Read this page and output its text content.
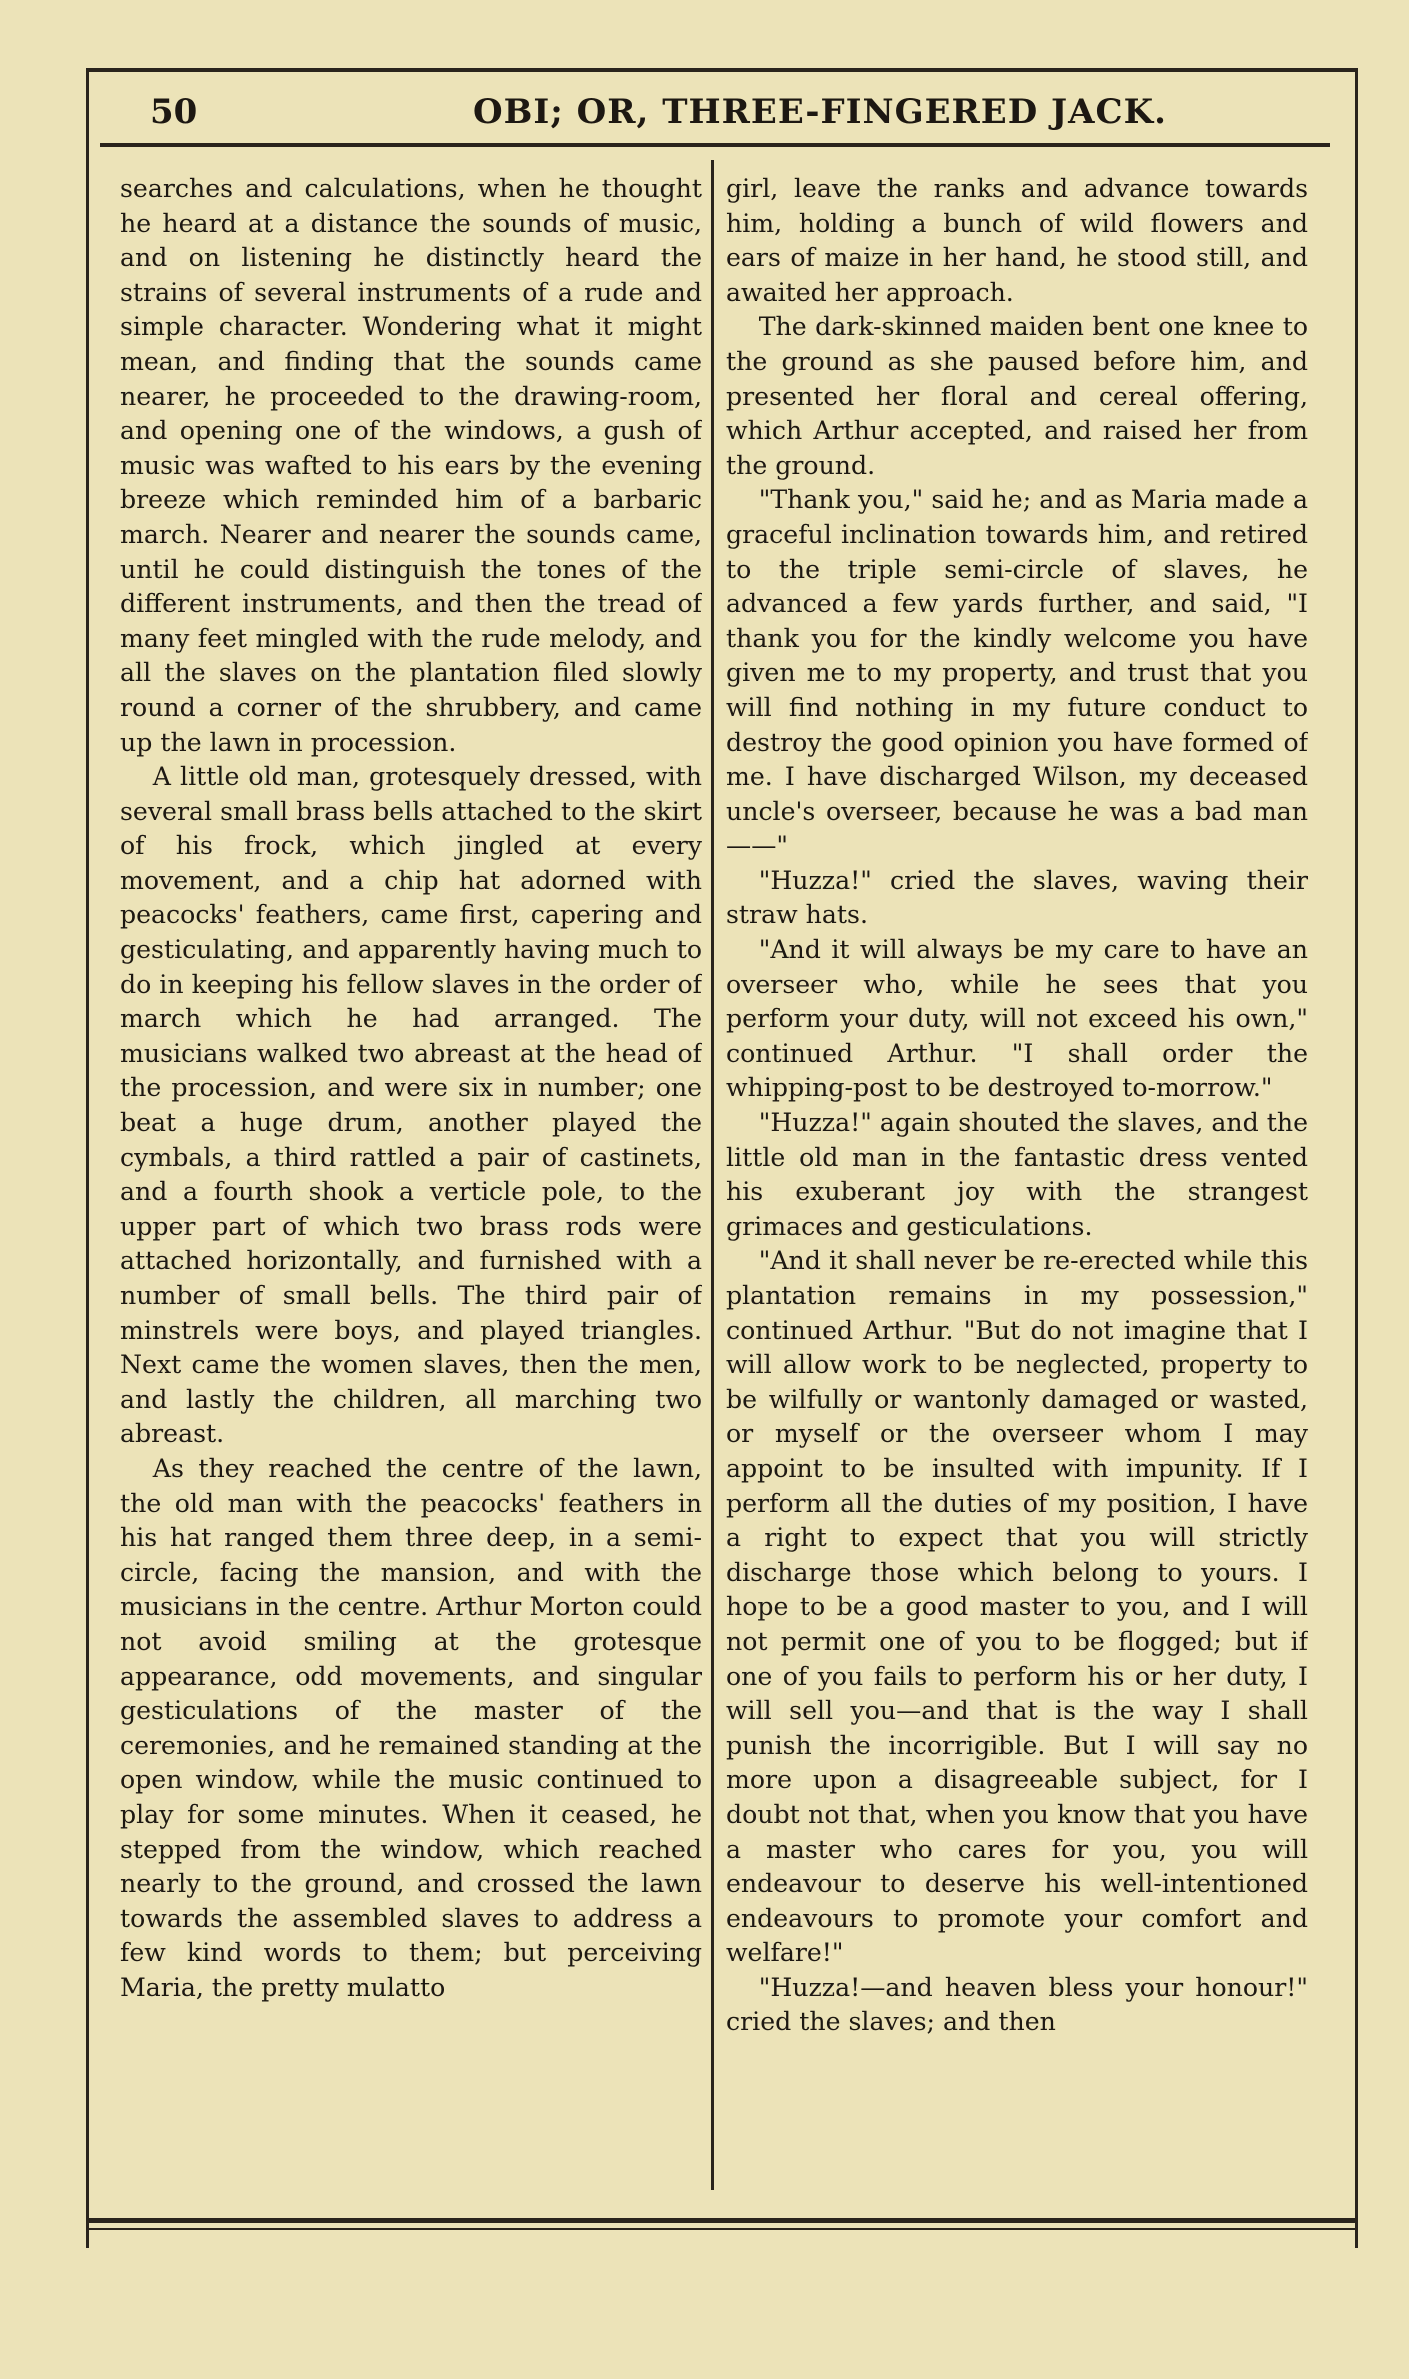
50	OBI; OR, THREE-FINGERED JACK.

searches and calculations, when he thought he heard at a distance the sounds of music, and on listening he distinctly heard the strains of several instruments of a rude and simple character. Wondering what it might mean, and finding that the sounds came nearer, he proceeded to the drawing-room, and opening one of the windows, a gush of music was wafted to his ears by the evening breeze which reminded him of a barbaric march. Nearer and nearer the sounds came, until he could distinguish the tones of the different instruments, and then the tread of many feet mingled with the rude melody, and all the slaves on the plantation filed slowly round a corner of the shrubbery, and came up the lawn in procession.

A little old man, grotesquely dressed, with several small brass bells attached to the skirt of his frock, which jingled at every movement, and a chip hat adorned with peacocks' feathers, came first, capering and gesticulating, and apparently having much to do in keeping his fellow slaves in the order of march which he had arranged. The musicians walked two abreast at the head of the procession, and were six in number; one beat a huge drum, another played the cymbals, a third rattled a pair of castinets, and a fourth shook a verticle pole, to the upper part of which two brass rods were attached horizontally, and furnished with a number of small bells. The third pair of minstrels were boys, and played triangles. Next came the women slaves, then the men, and lastly the children, all marching two abreast.

As they reached the centre of the lawn, the old man with the peacocks' feathers in his hat ranged them three deep, in a semi-circle, facing the mansion, and with the musicians in the centre. Arthur Morton could not avoid smiling at the grotesque appearance, odd movements, and singular gesticulations of the master of the ceremonies, and he remained standing at the open window, while the music continued to play for some minutes. When it ceased, he stepped from the window, which reached nearly to the ground, and crossed the lawn towards the assembled slaves to address a few kind words to them; but perceiving Maria, the pretty mulatto

girl, leave the ranks and advance towards him, holding a bunch of wild flowers and ears of maize in her hand, he stood still, and awaited her approach.

The dark-skinned maiden bent one knee to the ground as she paused before him, and presented her floral and cereal offering, which Arthur accepted, and raised her from the ground.

"Thank you," said he; and as Maria made a graceful inclination towards him, and retired to the triple semi-circle of slaves, he advanced a few yards further, and said, "I thank you for the kindly welcome you have given me to my property, and trust that you will find nothing in my future conduct to destroy the good opinion you have formed of me. I have discharged Wilson, my deceased uncle's overseer, because he was a bad man——"

"Huzza!" cried the slaves, waving their straw hats.

"And it will always be my care to have an overseer who, while he sees that you perform your duty, will not exceed his own," continued Arthur. "I shall order the whipping-post to be destroyed to-morrow."

"Huzza!" again shouted the slaves, and the little old man in the fantastic dress vented his exuberant joy with the strangest grimaces and gesticulations.

"And it shall never be re-erected while this plantation remains in my possession," continued Arthur. "But do not imagine that I will allow work to be neglected, property to be wilfully or wantonly damaged or wasted, or myself or the overseer whom I may appoint to be insulted with impunity. If I perform all the duties of my position, I have a right to expect that you will strictly discharge those which belong to yours. I hope to be a good master to you, and I will not permit one of you to be flogged; but if one of you fails to perform his or her duty, I will sell you—and that is the way I shall punish the incorrigible. But I will say no more upon a disagreeable subject, for I doubt not that, when you know that you have a master who cares for you, you will endeavour to deserve his well-intentioned endeavours to promote your comfort and welfare!"

"Huzza!—and heaven bless your honour!" cried the slaves; and then
